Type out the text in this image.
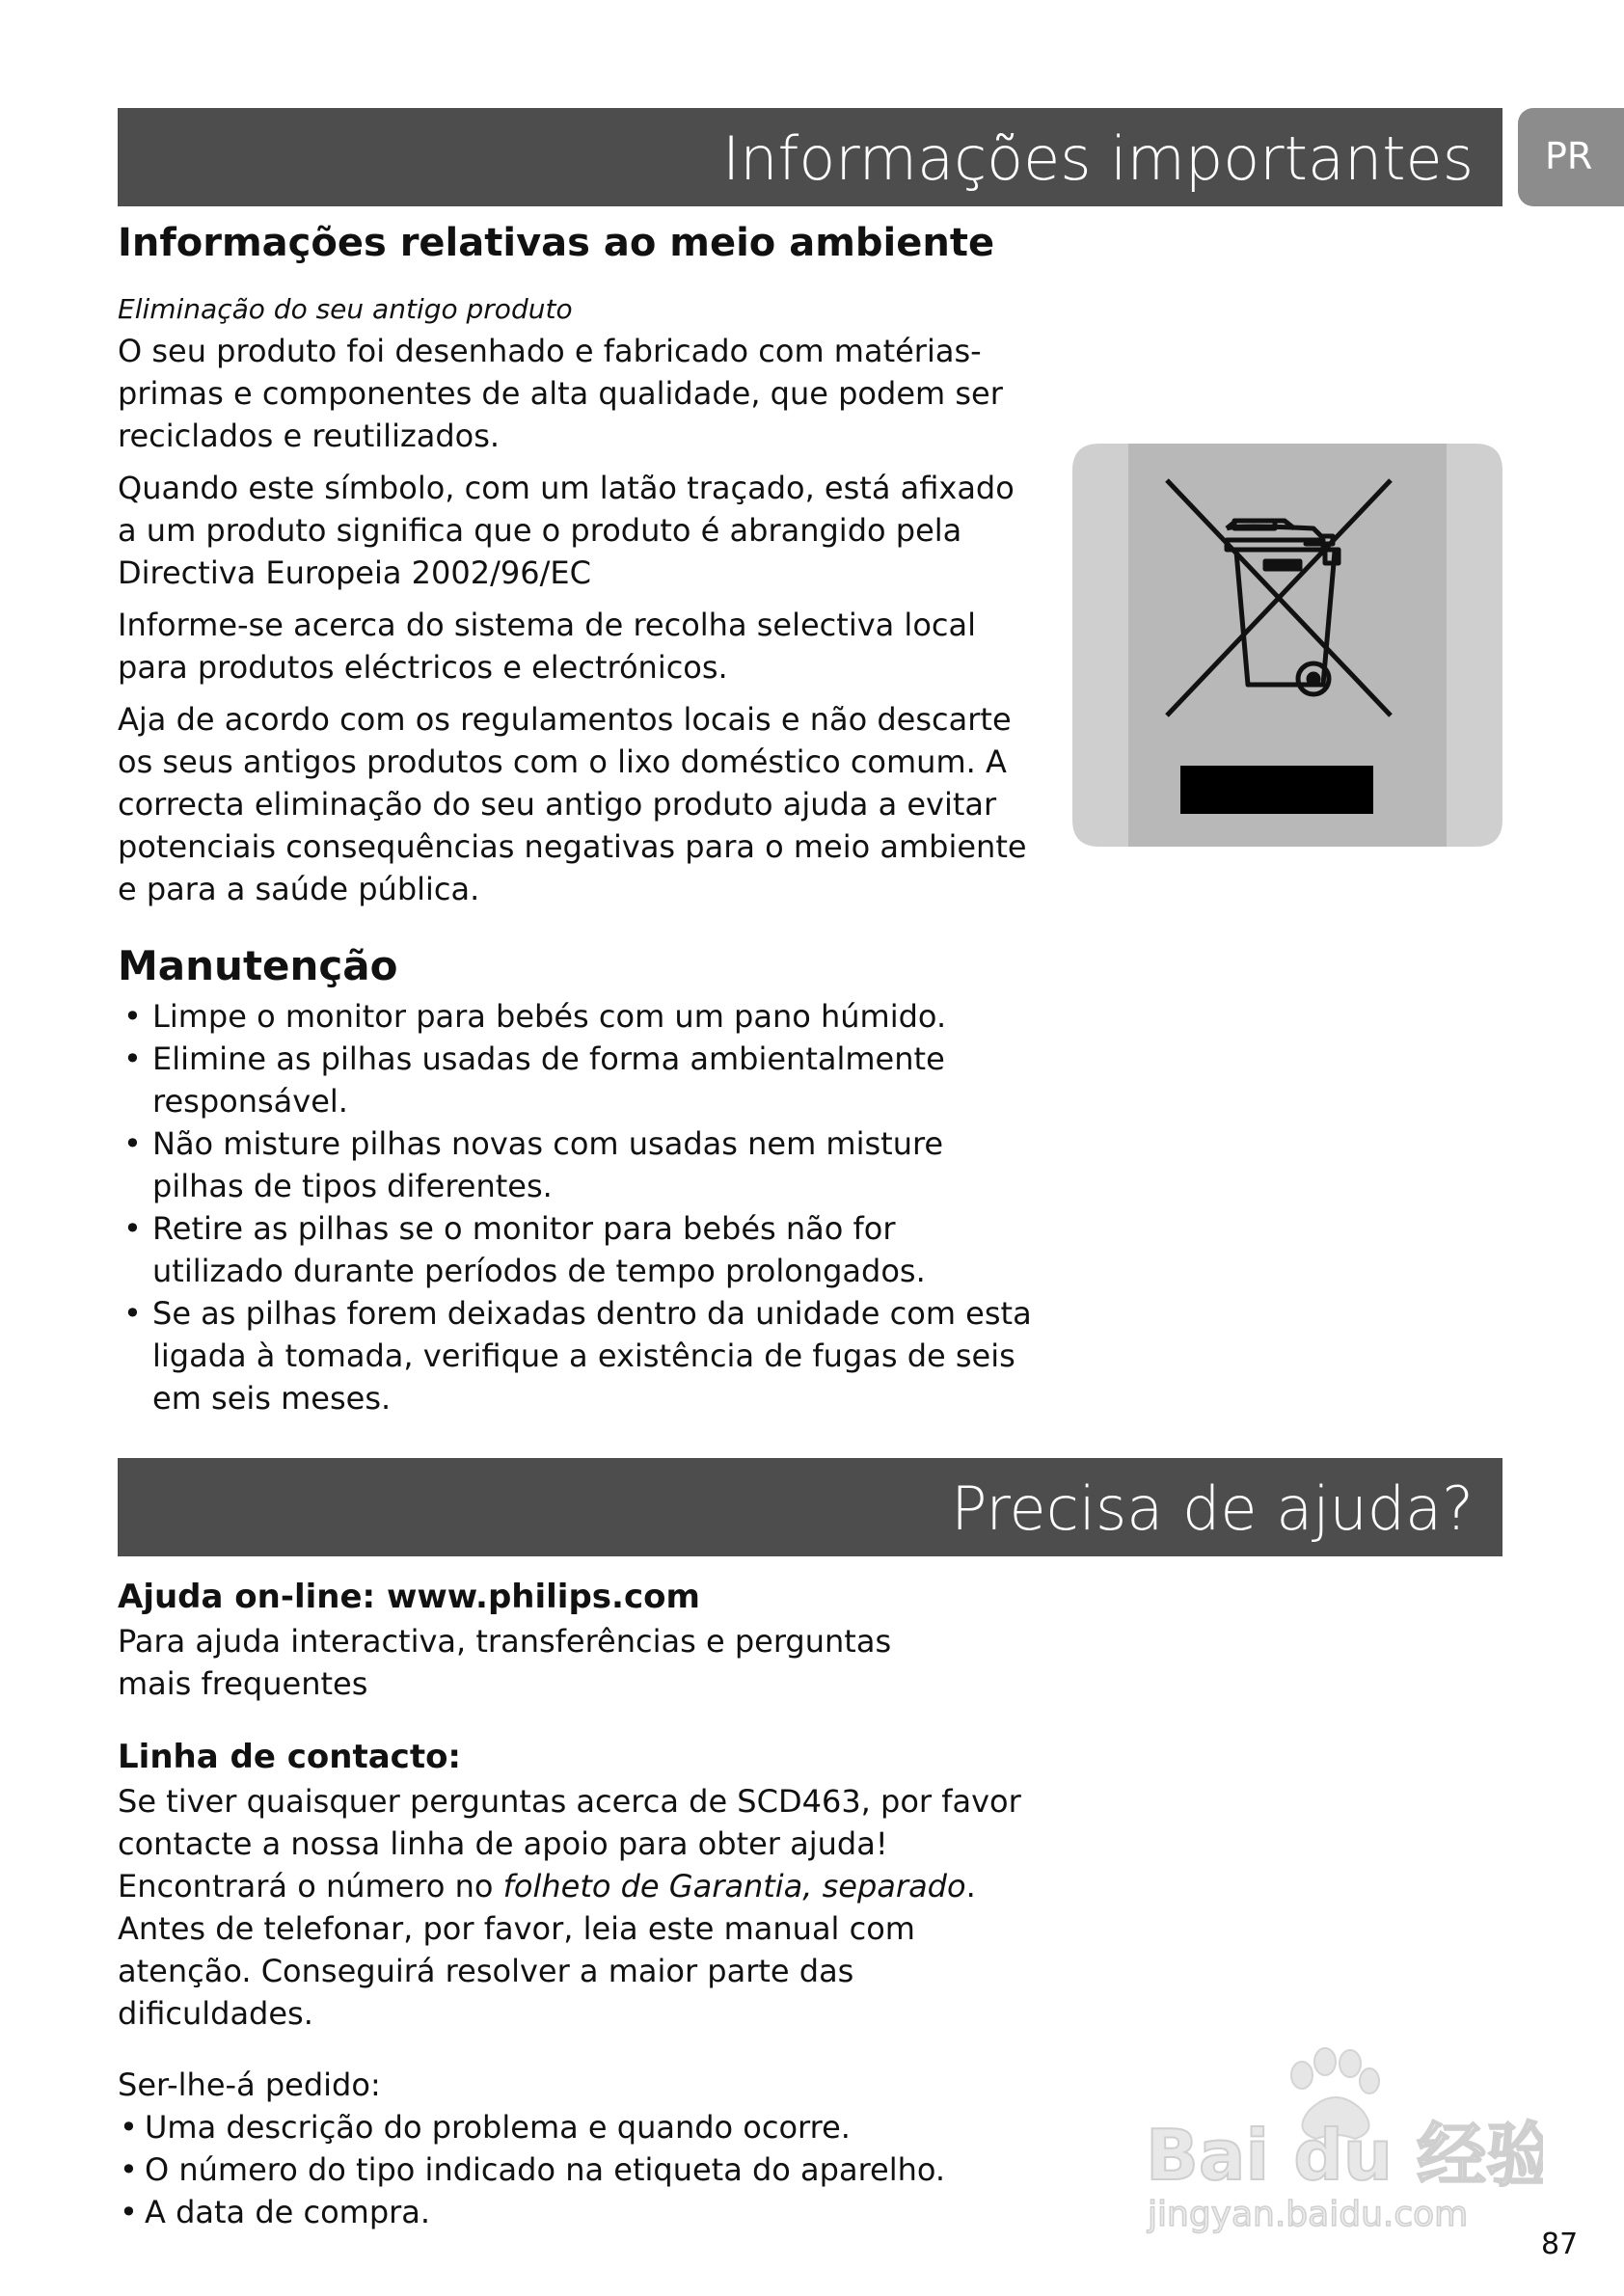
Informações importantes	PR
Informações relativas ao meio ambiente

Eliminação do seu antigo produto

O seu produto foi desenhado e fabricado com matérias-primas e componentes de alta qualidade, que podem ser reciclados e reutilizados.

Quando este símbolo, com um latão traçado, está afixado a um produto significa que o produto é abrangido pela Directiva Europeia 2002/96/EC

Informe-se acerca do sistema de recolha selectiva local para produtos eléctricos e electrónicos.

Aja de acordo com os regulamentos locais e não descarte os seus antigos produtos com o lixo doméstico comum. A correcta eliminação do seu antigo produto ajuda a evitar potenciais consequências negativas para o meio ambiente e para a saúde pública.

Manutenção
• Limpe o monitor para bebés com um pano húmido.
• Elimine as pilhas usadas de forma ambientalmente responsável.
• Não misture pilhas novas com usadas nem misture pilhas de tipos diferentes.
• Retire as pilhas se o monitor para bebés não for utilizado durante períodos de tempo prolongados.
• Se as pilhas forem deixadas dentro da unidade com esta ligada à tomada, verifique a existência de fugas de seis em seis meses.
Precisa de ajuda?
Ajuda on-line: www.philips.com

Para ajuda interactiva, transferências e perguntas mais frequentes

Linha de contacto:

Se tiver quaisquer perguntas acerca de SCD463, por favor contacte a nossa linha de apoio para obter ajuda! Encontrará o número no folheto de Garantia, separado.

Antes de telefonar, por favor, leia este manual com atenção. Conseguirá resolver a maior parte das dificuldades.

Ser-lhe-á pedido:

• Uma descrição do problema e quando ocorre.
• O número do tipo indicado na etiqueta do aparelho.
• A data de compra.
Bai du 经验
jingyan.baidu.com
87
